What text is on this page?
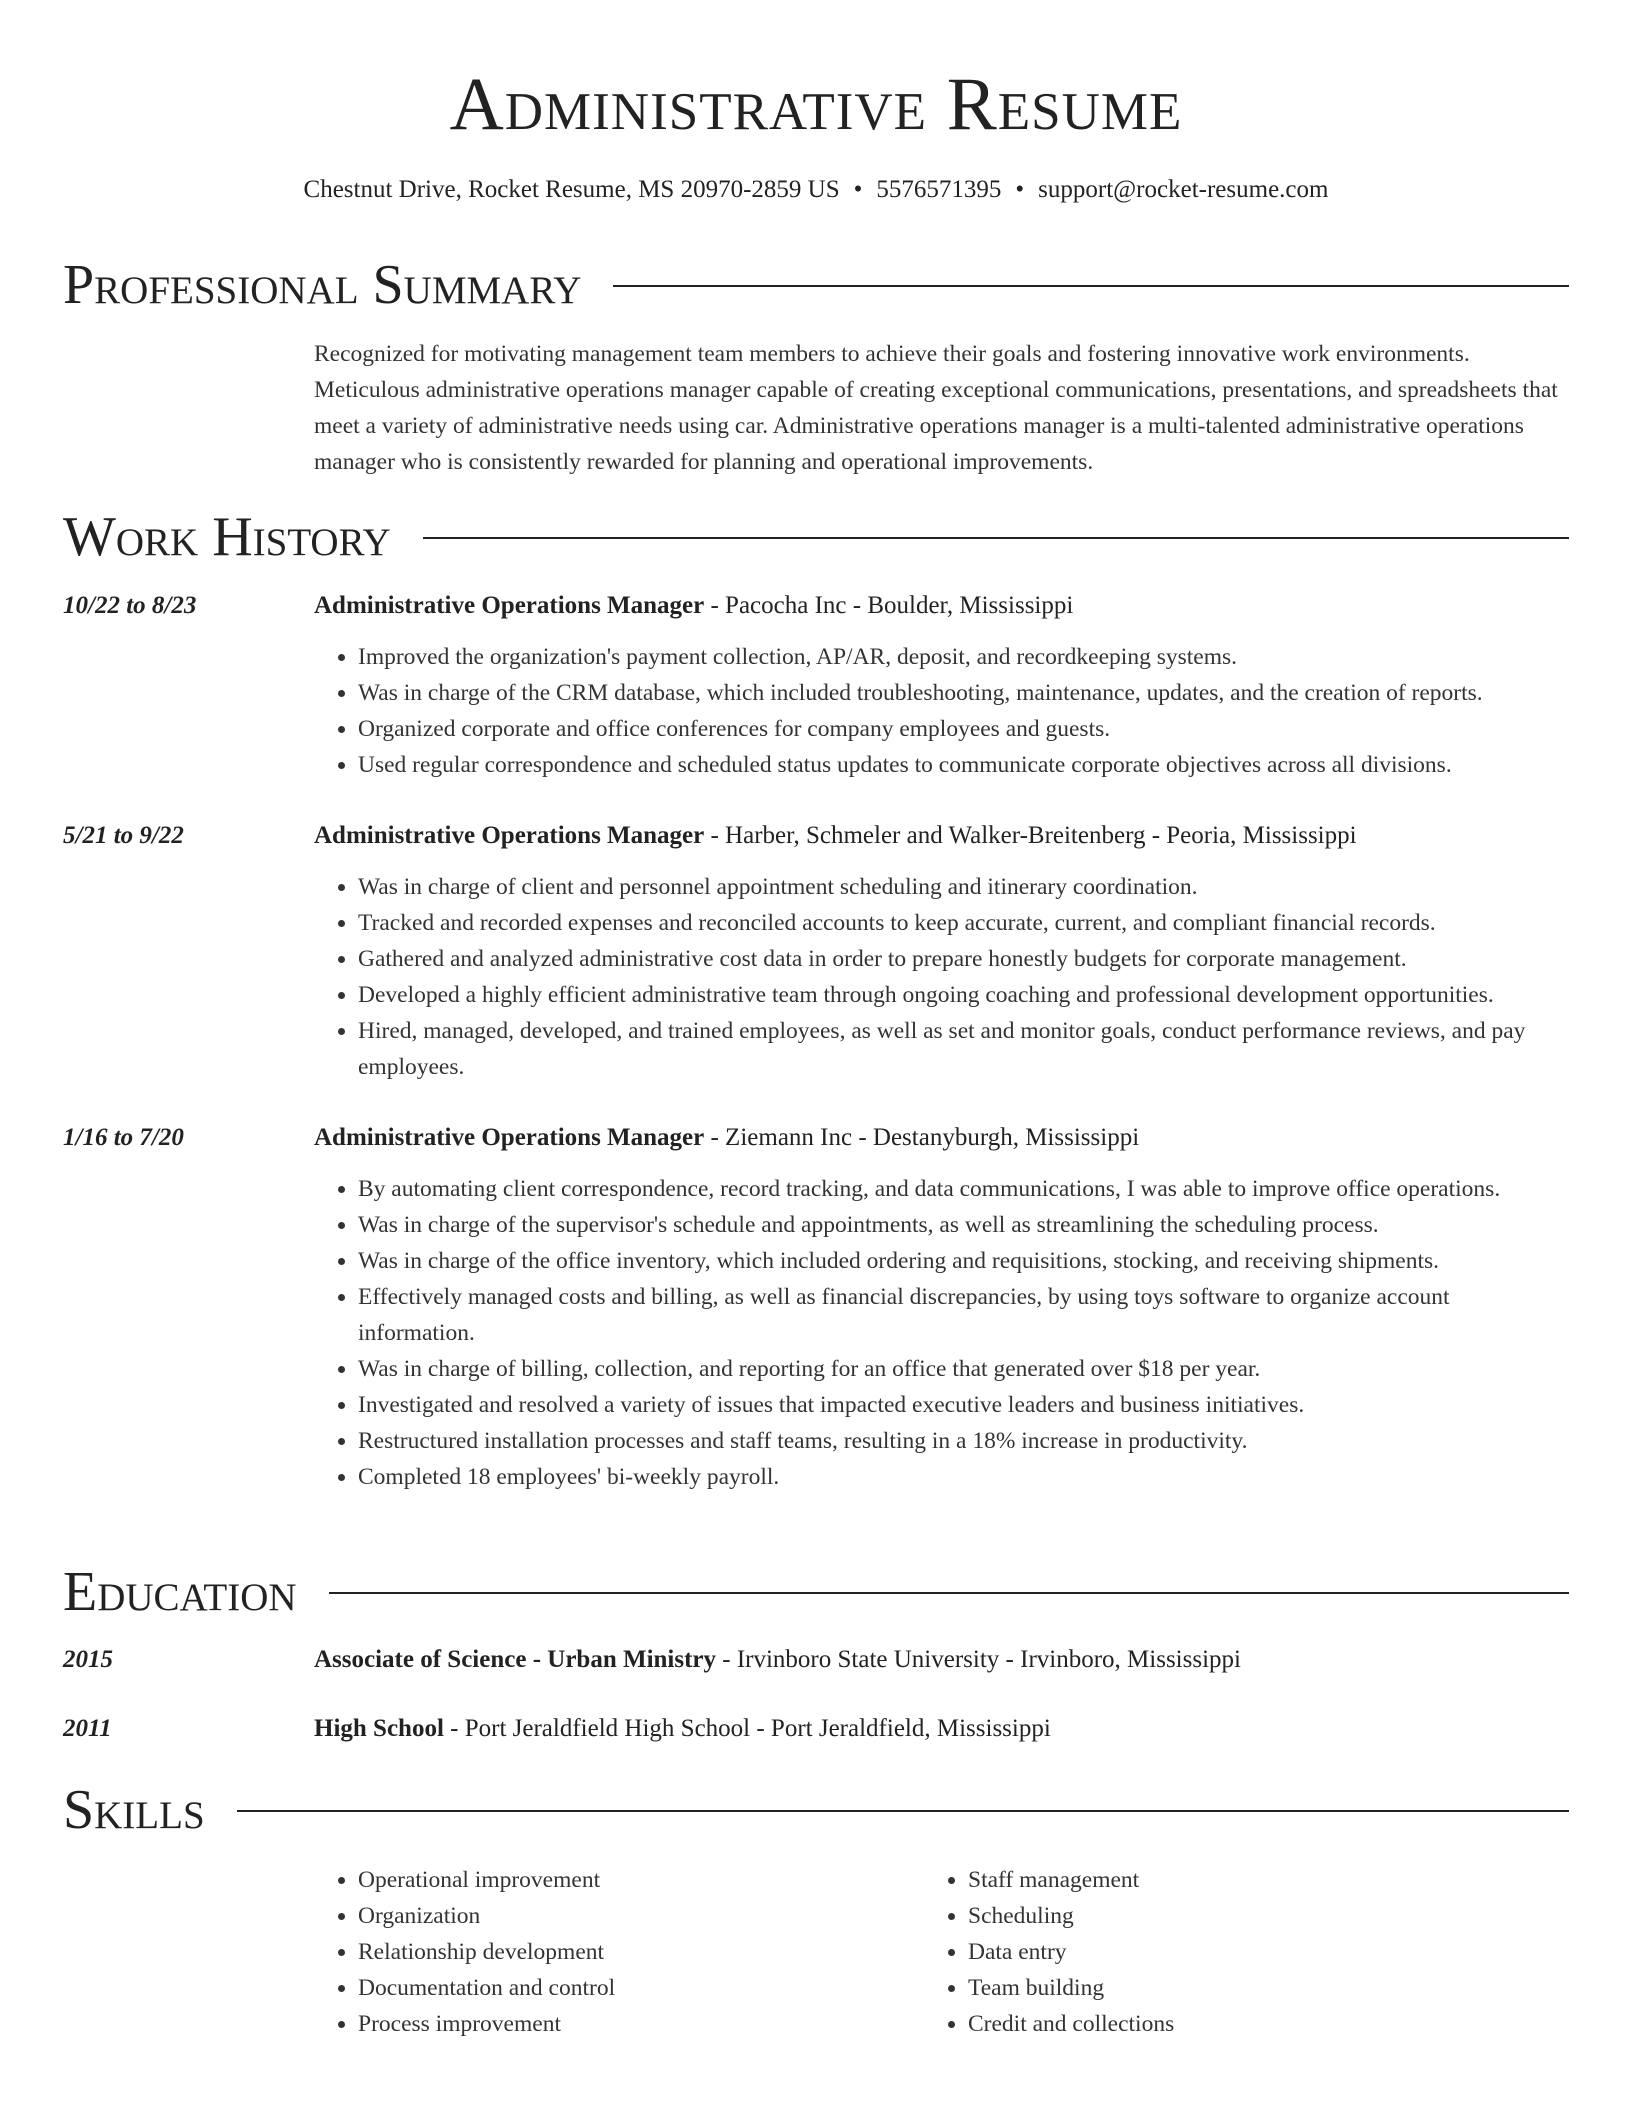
Administrative Resume
Chestnut Drive, Rocket Resume, MS 20970-2859 US • 5576571395 • support@rocket-resume.com
Professional Summary
Recognized for motivating management team members to achieve their goals and fostering innovative work environments. Meticulous administrative operations manager capable of creating exceptional communications, presentations, and spreadsheets that meet a variety of administrative needs using car. Administrative operations manager is a multi-talented administrative operations manager who is consistently rewarded for planning and operational improvements.
Work History
10/22 to 8/23	Administrative Operations Manager - Pacocha Inc - Boulder, Mississippi
• Improved the organization's payment collection, AP/AR, deposit, and recordkeeping systems.
• Was in charge of the CRM database, which included troubleshooting, maintenance, updates, and the creation of reports.
• Organized corporate and office conferences for company employees and guests.
• Used regular correspondence and scheduled status updates to communicate corporate objectives across all divisions.
5/21 to 9/22	Administrative Operations Manager - Harber, Schmeler and Walker-Breitenberg - Peoria, Mississippi
• Was in charge of client and personnel appointment scheduling and itinerary coordination.
• Tracked and recorded expenses and reconciled accounts to keep accurate, current, and compliant financial records.
• Gathered and analyzed administrative cost data in order to prepare honestly budgets for corporate management.
• Developed a highly efficient administrative team through ongoing coaching and professional development opportunities.
• Hired, managed, developed, and trained employees, as well as set and monitor goals, conduct performance reviews, and pay employees.
1/16 to 7/20	Administrative Operations Manager - Ziemann Inc - Destanyburgh, Mississippi
• By automating client correspondence, record tracking, and data communications, I was able to improve office operations.
• Was in charge of the supervisor's schedule and appointments, as well as streamlining the scheduling process.
• Was in charge of the office inventory, which included ordering and requisitions, stocking, and receiving shipments.
• Effectively managed costs and billing, as well as financial discrepancies, by using toys software to organize account information.
• Was in charge of billing, collection, and reporting for an office that generated over $18 per year.
• Investigated and resolved a variety of issues that impacted executive leaders and business initiatives.
• Restructured installation processes and staff teams, resulting in a 18% increase in productivity.
• Completed 18 employees' bi-weekly payroll.
Education
2015	Associate of Science - Urban Ministry - Irvinboro State University - Irvinboro, Mississippi
2011	High School - Port Jeraldfield High School - Port Jeraldfield, Mississippi
Skills
• Operational improvement
• Organization
• Relationship development
• Documentation and control
• Process improvement
• Staff management
• Scheduling
• Data entry
• Team building
• Credit and collections
